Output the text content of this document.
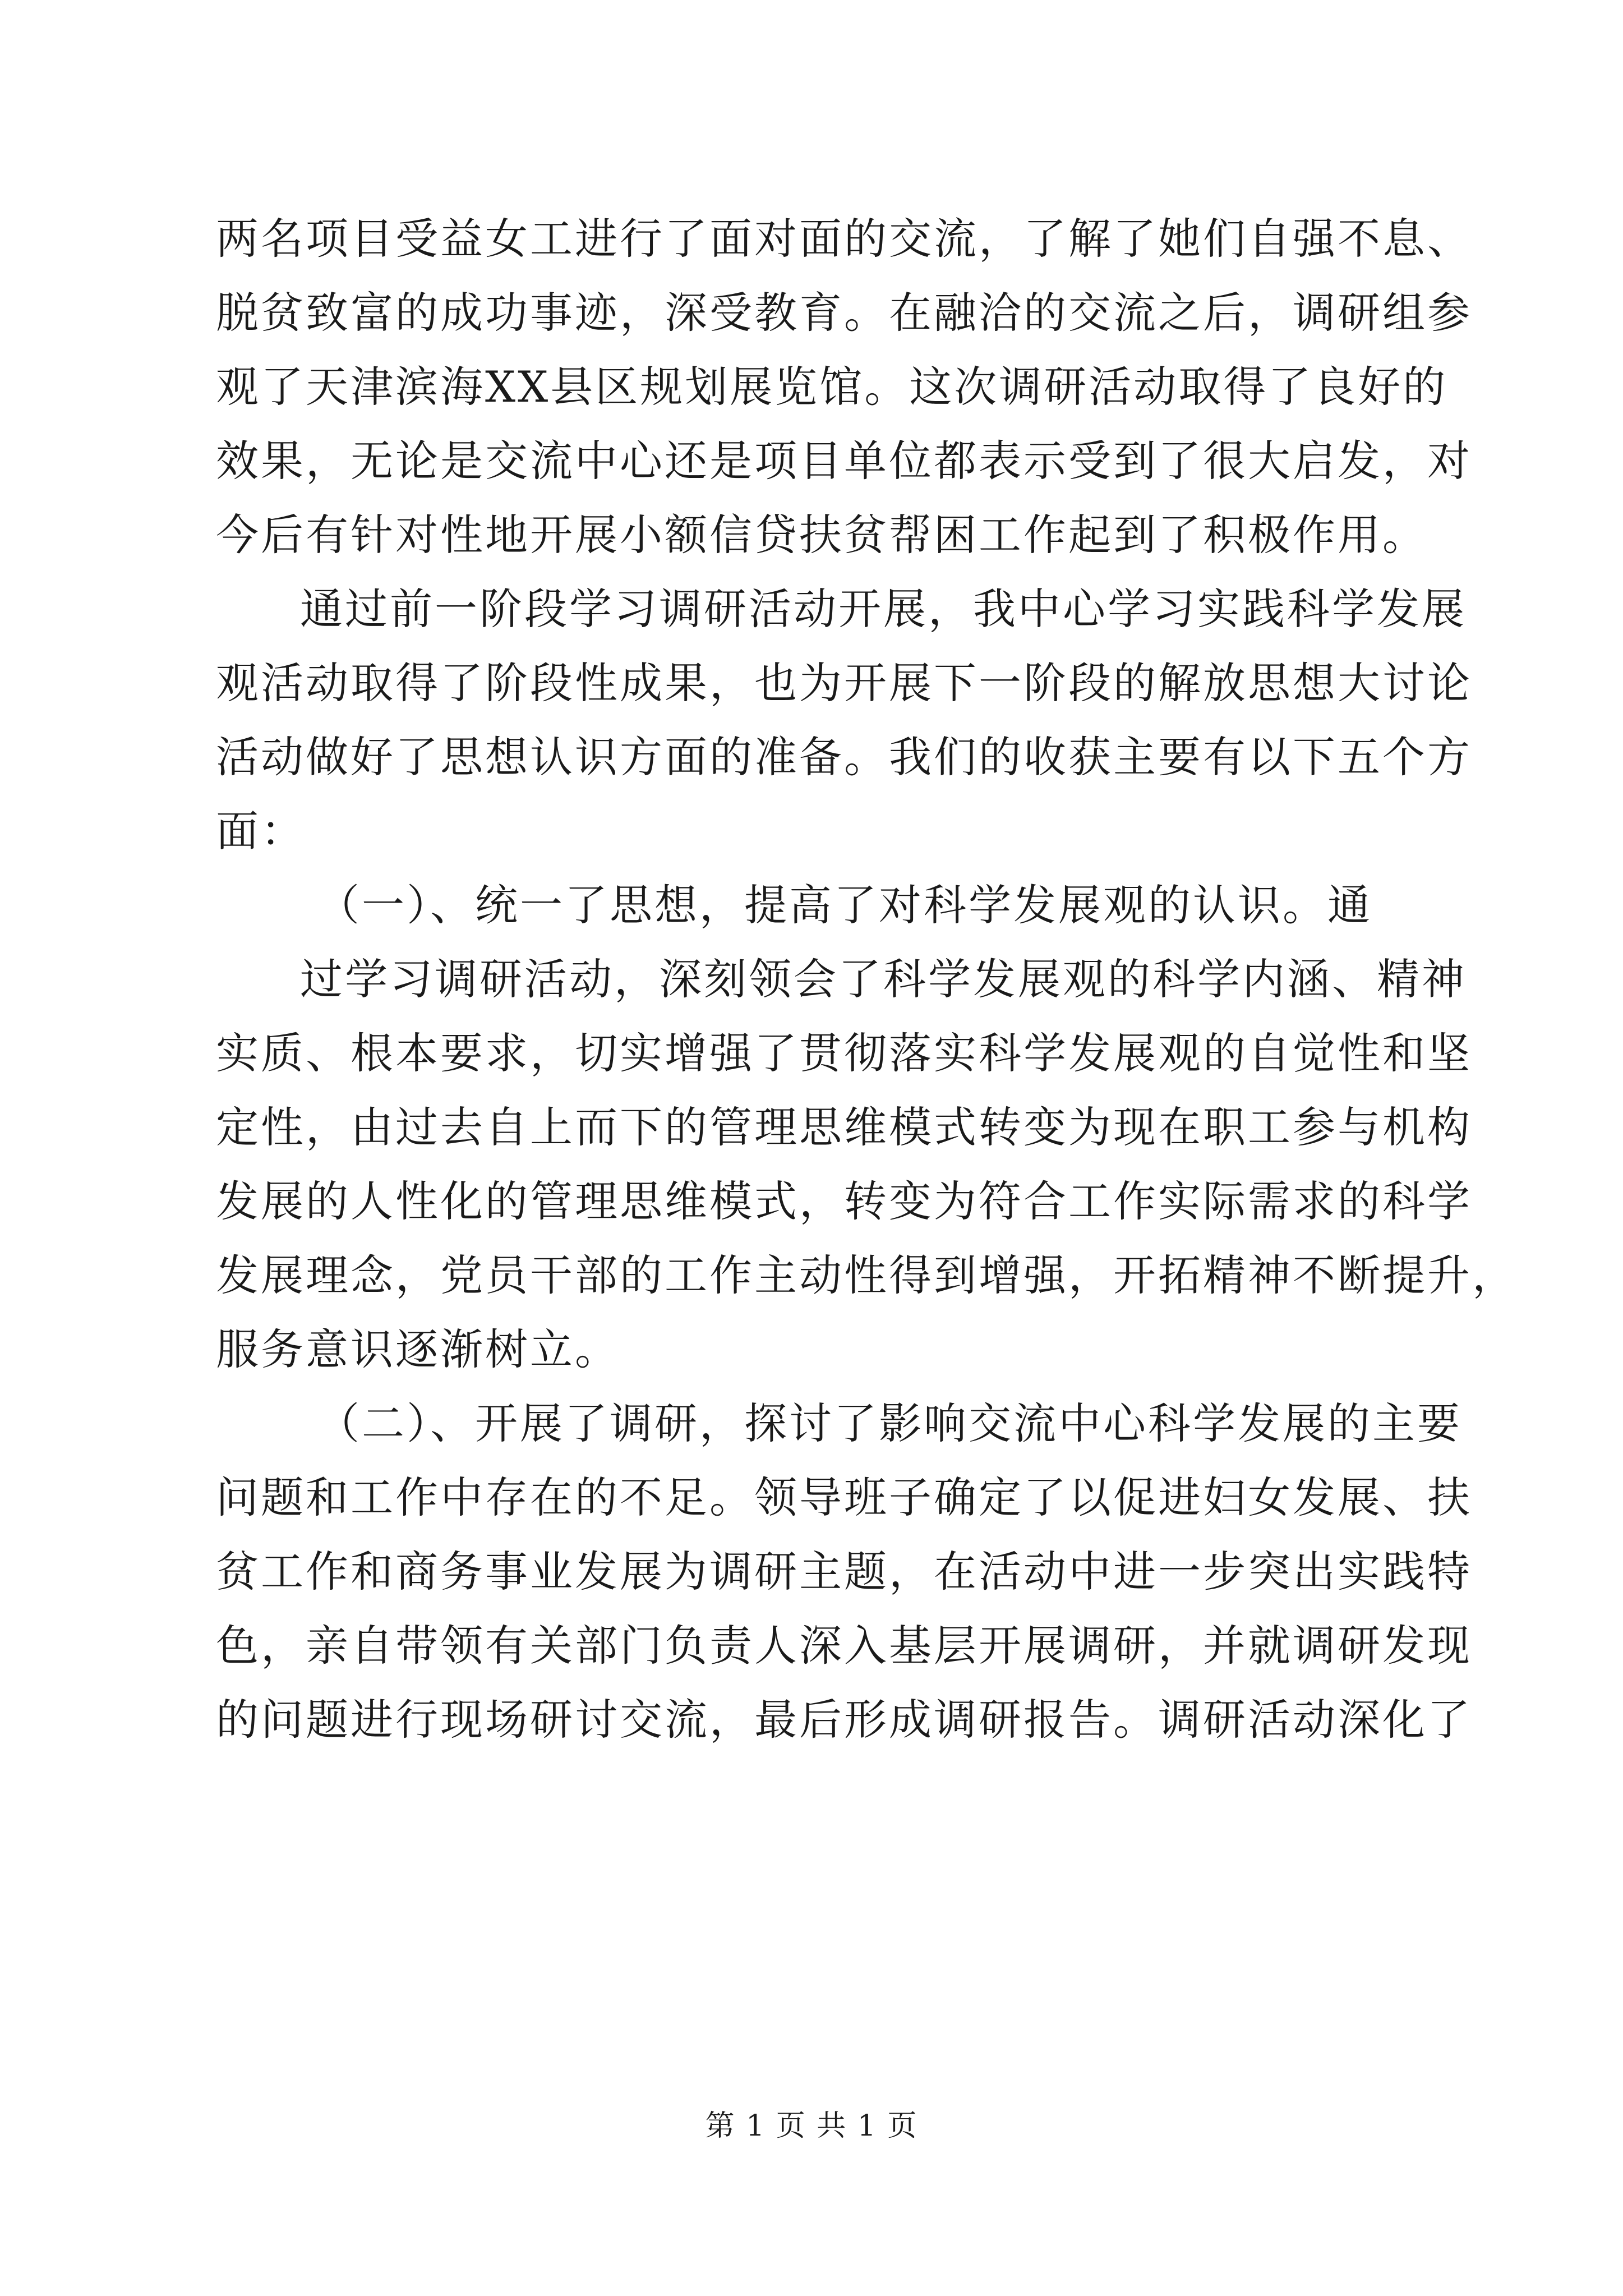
两名项目受益女工进行了面对面的交流，了解了她们自强不息、
脱贫致富的成功事迹，深受教育。在融洽的交流之后，调研组参
观了天津滨海XX县区规划展览馆。这次调研活动取得了良好的
效果，无论是交流中心还是项目单位都表示受到了很大启发，对
今后有针对性地开展小额信贷扶贫帮困工作起到了积极作用。
通过前一阶段学习调研活动开展，我中心学习实践科学发展
观活动取得了阶段性成果，也为开展下一阶段的解放思想大讨论
活动做好了思想认识方面的准备。我们的收获主要有以下五个方
面：
（一）、统一了思想，提高了对科学发展观的认识。通
过学习调研活动，深刻领会了科学发展观的科学内涵、精神
实质、根本要求，切实增强了贯彻落实科学发展观的自觉性和坚
定性，由过去自上而下的管理思维模式转变为现在职工参与机构
发展的人性化的管理思维模式，转变为符合工作实际需求的科学
发展理念，党员干部的工作主动性得到增强，开拓精神不断提升，
服务意识逐渐树立。
（二）、开展了调研，探讨了影响交流中心科学发展的主要
问题和工作中存在的不足。领导班子确定了以促进妇女发展、扶
贫工作和商务事业发展为调研主题，在活动中进一步突出实践特
色，亲自带领有关部门负责人深入基层开展调研，并就调研发现
的问题进行现场研讨交流，最后形成调研报告。调研活动深化了
第 1 页 共 1 页
